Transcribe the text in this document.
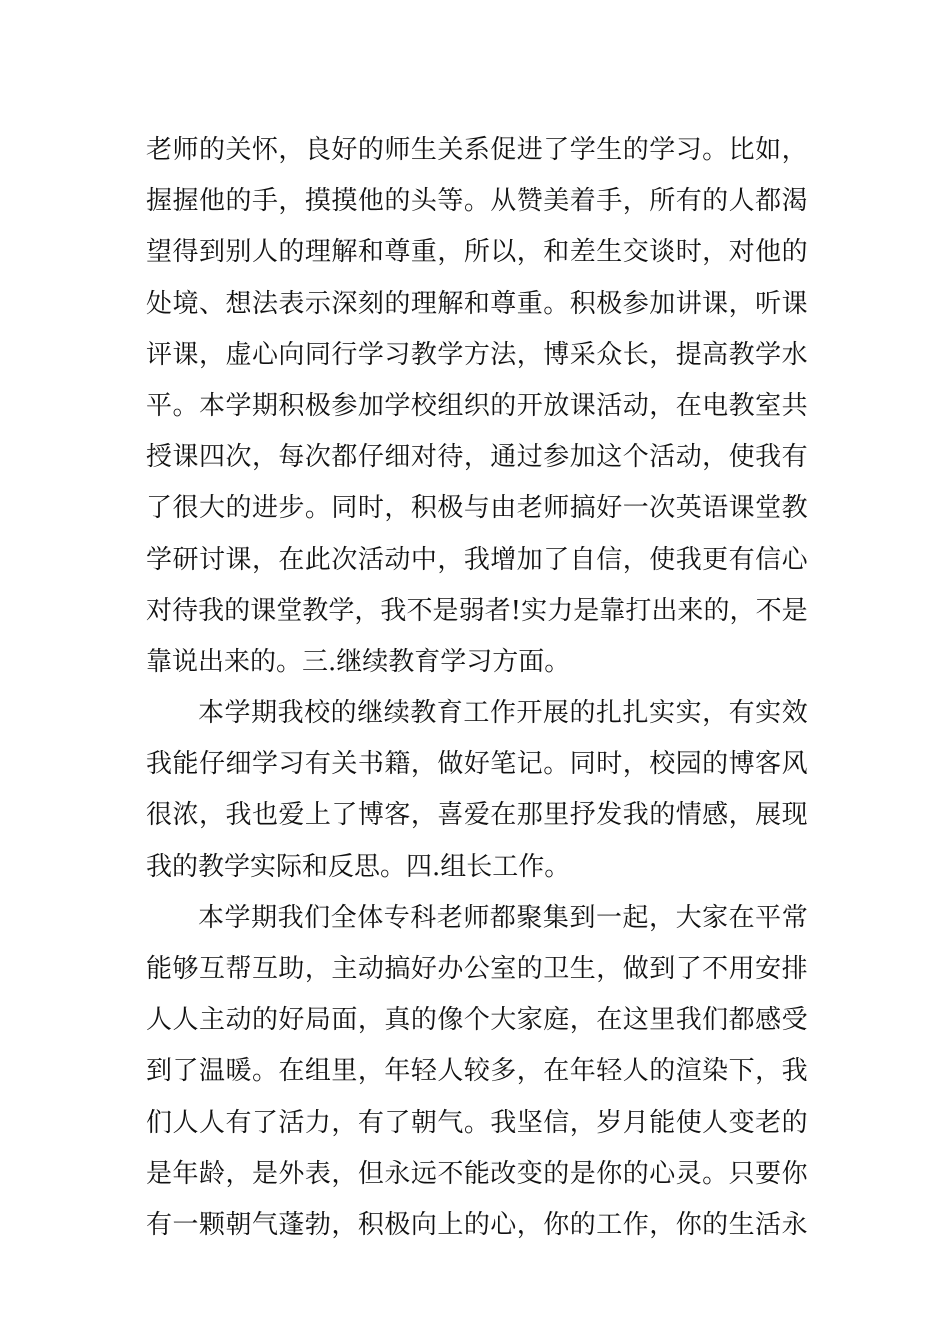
老 师 的 关 怀 ， 良 好 的 师 生 关 系 促 进 了 学 生 的 学 习 。 比 如 ，
握 握 他 的 手 ， 摸 摸 他 的 头 等 。 从 赞 美 着 手 ， 所 有 的 人 都 渴
望 得 到 别 人 的 理 解 和 尊 重 ， 所 以 ， 和 差 生 交 谈 时 ， 对 他 的
处 境 、 想 法 表 示 深 刻 的 理 解 和 尊 重 。 积 极 参 加 讲 课 ， 听 课
评 课 ， 虚 心 向 同 行 学 习 教 学 方 法 ， 博 采 众 长 ， 提 高 教 学 水
平 。 本 学 期 积 极 参 加 学 校 组 织 的 开 放 课 活 动 ， 在 电 教 室 共
授 课 四 次 ， 每 次 都 仔 细 对 待 ， 通 过 参 加 这 个 活 动 ， 使 我 有
了 很 大 的 进 步 。 同 时 ， 积 极 与 由 老 师 搞 好 一 次 英 语 课 堂 教
学 研 讨 课 ， 在 此 次 活 动 中 ， 我 增 加 了 自 信 ， 使 我 更 有 信 心
对 待 我 的 课 堂 教 学 ， 我 不 是 弱 者 ! 实 力 是 靠 打 出 来 的 ， 不 是
靠说出来的。三.继续教育学习方面。
本 学 期 我 校 的 继 续 教 育 工 作 开 展 的 扎 扎 实 实 ， 有 实 效
我 能 仔 细 学 习 有 关 书 籍 ， 做 好 笔 记 。 同 时 ， 校 园 的 博 客 风
很 浓 ， 我 也 爱 上 了 博 客 ， 喜 爱 在 那 里 抒 发 我 的 情 感 ， 展 现
我的教学实际和反思。四.组长工作。
本 学 期 我 们 全 体 专 科 老 师 都 聚 集 到 一 起 ， 大 家 在 平 常
能 够 互 帮 互 助 ， 主 动 搞 好 办 公 室 的 卫 生 ， 做 到 了 不 用 安 排
人 人 主 动 的 好 局 面 ， 真 的 像 个 大 家 庭 ， 在 这 里 我 们 都 感 受
到 了 温 暖 。 在 组 里 ， 年 轻 人 较 多 ， 在 年 轻 人 的 渲 染 下 ， 我
们 人 人 有 了 活 力 ， 有 了 朝 气 。 我 坚 信 ， 岁 月 能 使 人 变 老 的
是 年 龄 ， 是 外 表 ， 但 永 远 不 能 改 变 的 是 你 的 心 灵 。 只 要 你
有 一 颗 朝 气 蓬 勃 ， 积 极 向 上 的 心 ， 你 的 工 作 ， 你 的 生 活 永
